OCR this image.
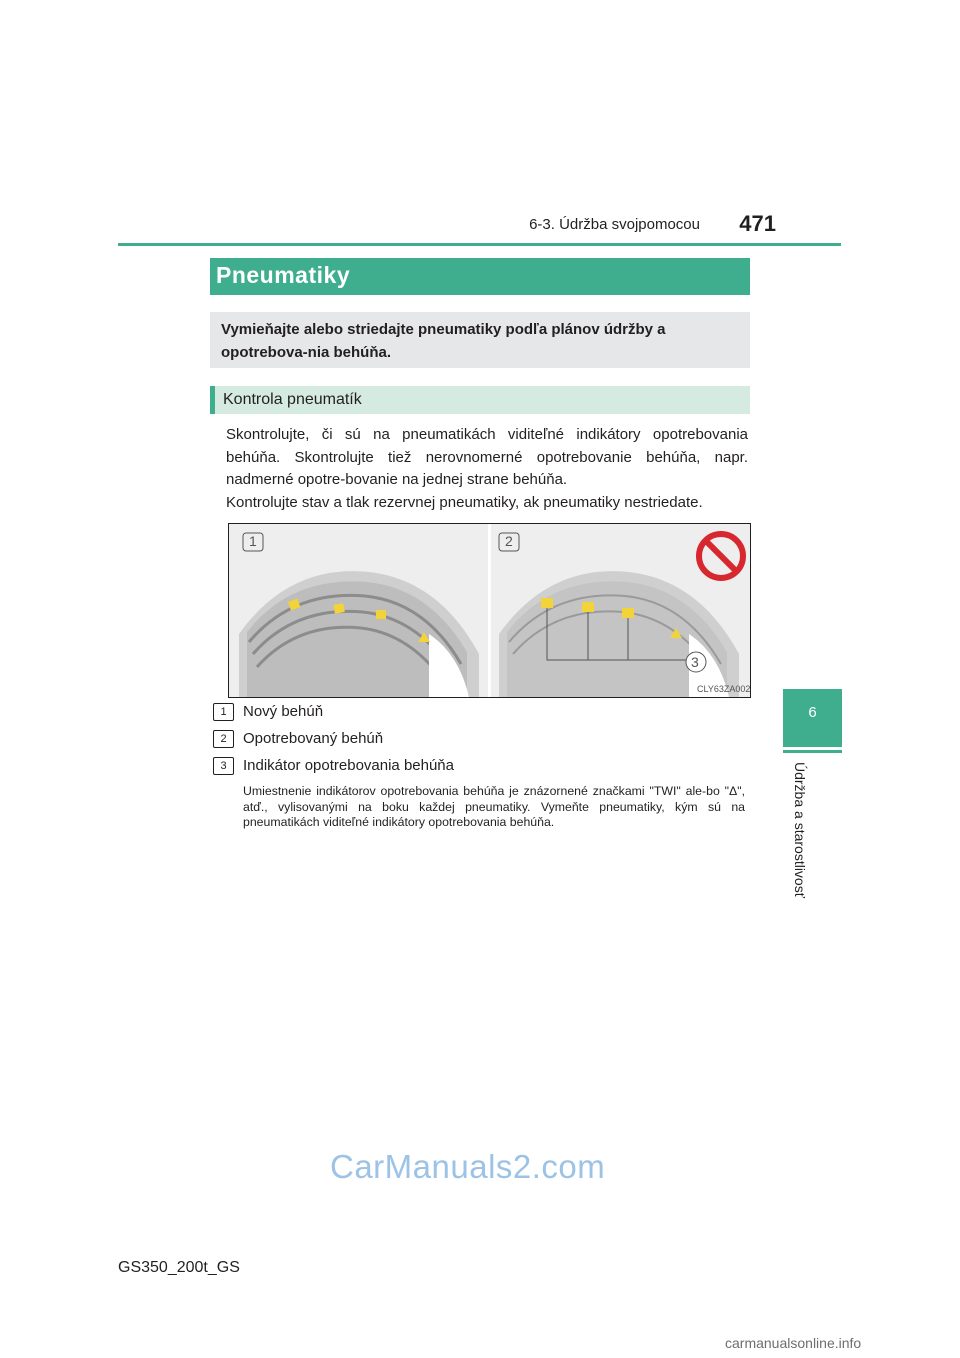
6-3. Údržba svojpomocou	471
6
Údržba a starostlivosť
Pneumatiky
Vymieňajte alebo striedajte pneumatiky podľa plánov údržby a opotrebova-nia behúňa.
Kontrola pneumatík
Skontrolujte, či sú na pneumatikách viditeľné indikátory opotrebovania behúňa. Skontrolujte tiež nerovnomerné opotrebovanie behúňa, napr. nadmerné opotre-bovanie na jednej strane behúňa.
Kontrolujte stav a tlak rezervnej pneumatiky, ak pneumatiky nestriedate.
1	2
3
CLY63ZA002
1	Nový behúň
2	Opotrebovaný behúň
3	Indikátor opotrebovania behúňa
Umiestnenie indikátorov opotrebovania behúňa je znázornené značkami "TWI" ale-bo "Δ", atď., vylisovanými na boku každej pneumatiky. Vymeňte pneumatiky, kým sú na pneumatikách viditeľné indikátory opotrebovania behúňa.
CarManuals2.com
GS350_200t_GS
carmanualsonline.info
